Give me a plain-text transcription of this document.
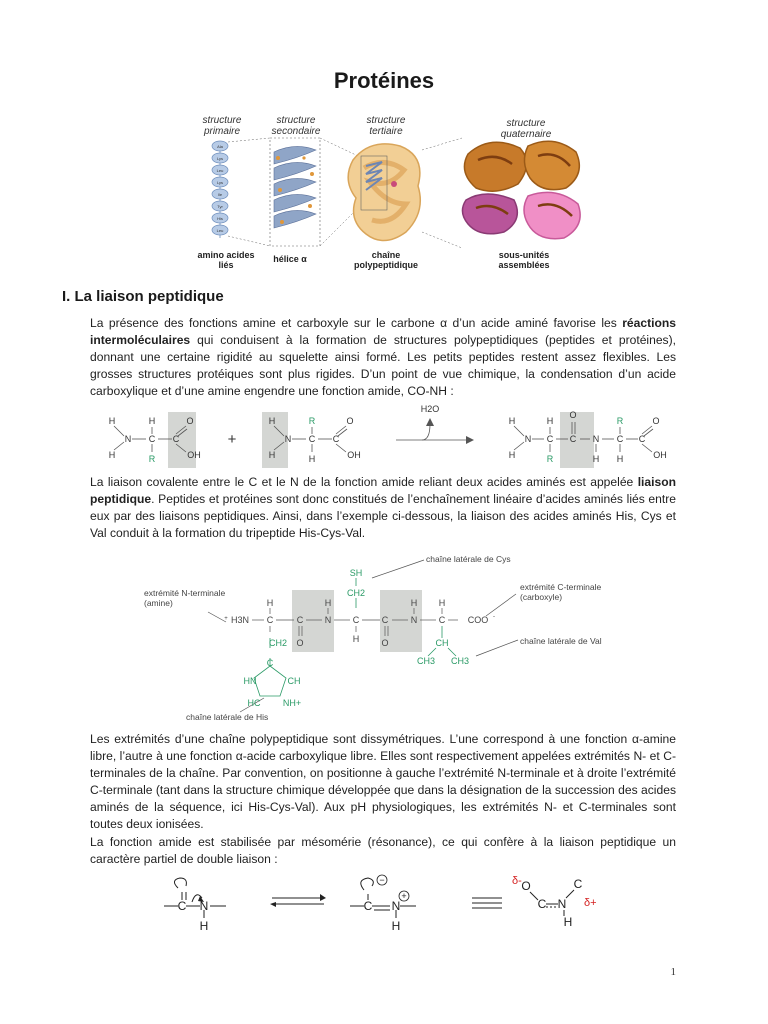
Protéines
structure
primaire
structure
secondaire
structure
tertiaire
structure
quaternaire
Ala
Lys
Leu
Lys
Ile
Tyr
His
Leu
amino acides
liés
hélice α	chaîne
polypeptidique
sous-unités
assemblées
I. La liaison peptidique

La présence des fonctions amine et carboxyle sur le carbone α d’un acide aminé favorise les réactions intermoléculaires qui conduisent à la formation de structures polypeptidiques (peptides et protéines), donnant une certaine rigidité au squelette ainsi formé. Les petits peptides restent assez flexibles. Les grosses structures protéiques sont plus rigides. D’un point de vue chimique, la condensation d’un acide carboxylique et d’une amine engendre une fonction amide, CO-NH :

H
H
N
H
C
R
C
O
OH
H
H
N
R
C
H
C
O
OH
H
H
N
H
C
R
O
C N
H
R
C
H
C
O
OH
+
H2O

La liaison covalente entre le C et le N de la fonction amide reliant deux acides aminés est appelée liaison peptidique. Peptides et protéines sont donc constitués de l’enchaînement linéaire d’acides aminés liés entre eux par des liaisons peptidiques. Ainsi, dans l’exemple ci-dessous, la liaison des acides aminés His, Cys et Val conduit à la formation du tripeptide His-Cys-Val.

extrémité N-terminale
(amine)
extrémité C-terminale
(carboxyle)
chaîne latérale de Cys
chaîne latérale de Val
chaîne latérale de His
H3N
+
H
C	C
O
H
N C
H
C
O
H
N
H
C COO -
SH
CH2
CH2	CH
CH3 CH3
C
HN	CH
HC NH+

Les extrémités d’une chaîne polypeptidique sont dissymétriques. L’une correspond à une fonction α-amine libre, l’autre à une fonction α-acide carboxylique libre. Elles sont respectivement appelées extrémités N- et C-terminales de la chaîne. Par convention, on positionne à gauche l’extrémité N-terminale et à droite l’extrémité C-terminale (tant dans la structure chimique développée que dans la désignation de la succession des acides aminés de la séquence, ici His-Cys-Val). Aux pH physiologiques, les extrémités N- et C-terminales sont toutes deux ionisées.

La fonction amide est stabilisée par mésomérie (résonance), ce qui confère à la liaison peptidique un caractère partiel de double liaison :

C N
H
C N
H
−
+
O
C N
C
H
δ-
δ+
1
